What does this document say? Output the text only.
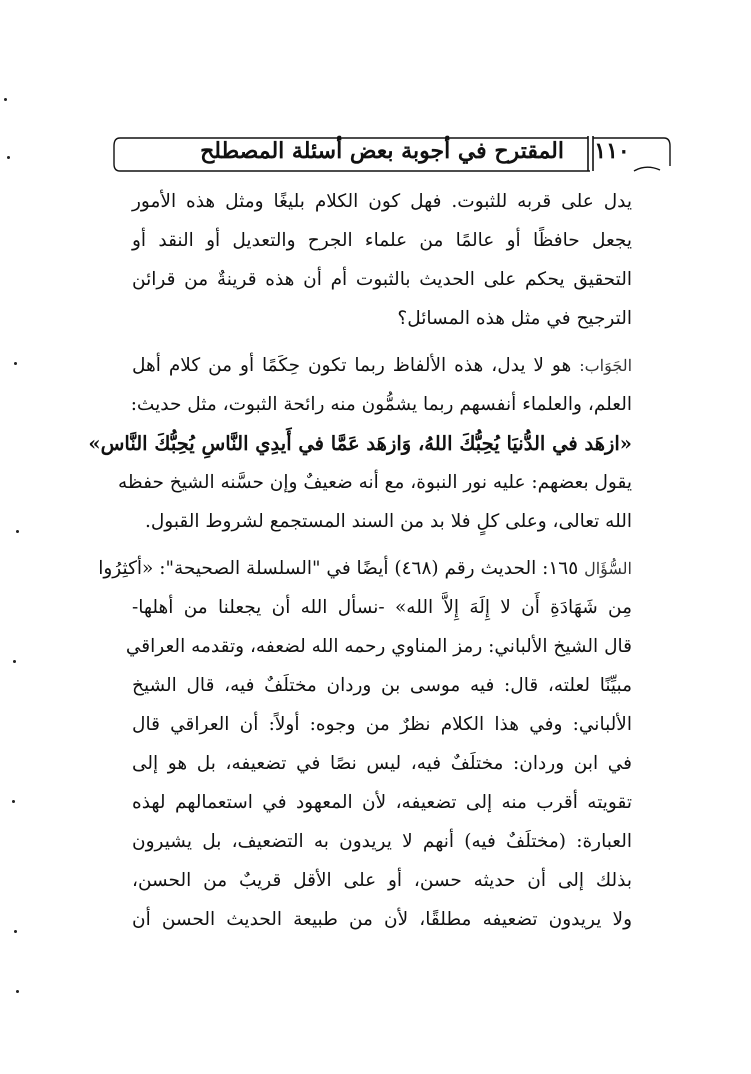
المقترح في أجوبة بعض أسئلة المصطلح	١١٠
يدل على قربه للثبوت. فهل كون الكلام بليغًا ومثل هذه الأمور
يجعل حافظًا أو عالمًا من علماء الجرح والتعديل أو النقد أو
التحقيق يحكم على الحديث بالثبوت أم أن هذه قرينةٌ من قرائن
الترجيح في مثل هذه المسائل؟
الجَوَاب: هو لا يدل، هذه الألفاظ ربما تكون حِكَمًا أو من كلام أهل
العلم، والعلماء أنفسهم ربما يشمُّون منه رائحة الثبوت، مثل حديث:
«ازهَد في الدُّنيَا يُحِبُّكَ اللهُ، وَازهَد عَمَّا في أَيدِي النَّاسِ يُحِبُّكَ النَّاس»
يقول بعضهم: عليه نور النبوة، مع أنه ضعيفٌ وإن حسَّنه الشيخ حفظه
الله تعالى، وعلى كلٍ فلا بد من السند المستجمع لشروط القبول.
السُّؤَال ١٦٥: الحديث رقم (٤٦٨) أيضًا في "السلسلة الصحيحة": «أكثِرُوا
مِن شَهَادَةِ أَن لا إِلَهَ إِلاَّ الله» -نسأل الله أن يجعلنا من أهلها-
قال الشيخ الألباني: رمز المناوي رحمه الله لضعفه، وتقدمه العراقي
مبيِّنًا لعلته، قال: فيه موسى بن وردان مختلَفٌ فيه، قال الشيخ
الألباني: وفي هذا الكلام نظرٌ من وجوه: أولاً: أن العراقي قال
في ابن وردان: مختلَفٌ فيه، ليس نصًا في تضعيفه، بل هو إلى
تقويته أقرب منه إلى تضعيفه، لأن المعهود في استعمالهم لهذه
العبارة: (مختلَفٌ فيه) أنهم لا يريدون به التضعيف، بل يشيرون
بذلك إلى أن حديثه حسن، أو على الأقل قريبٌ من الحسن،
ولا يريدون تضعيفه مطلقًا، لأن من طبيعة الحديث الحسن أن
